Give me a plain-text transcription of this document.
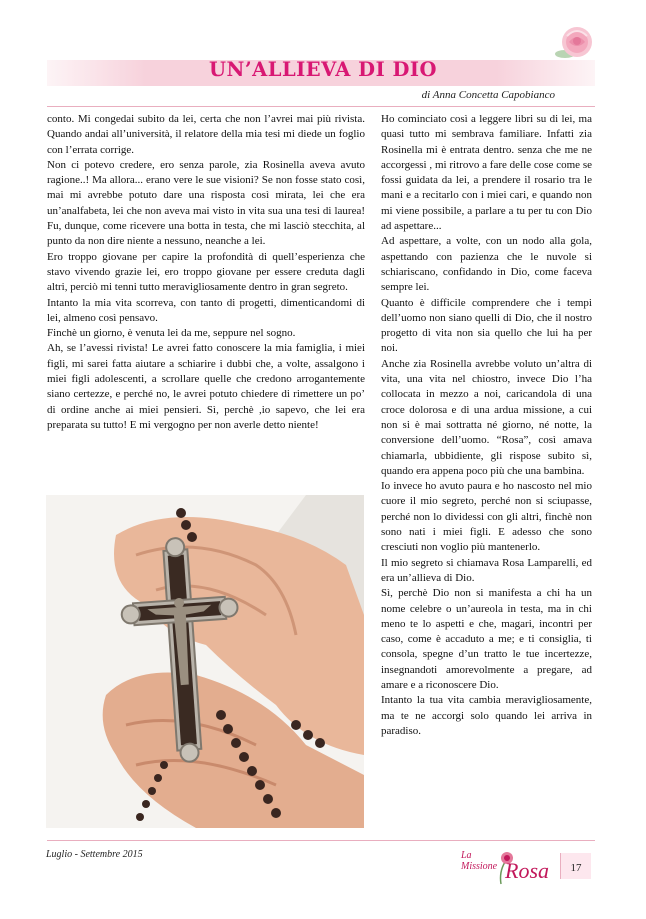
UN’ALLIEVA DI DIO
di Anna Concetta Capobianco

conto. Mi congedai subito da lei, certa che non l’avrei mai più rivista. Quando andai all’università, il relatore della mia tesi mi diede un foglio con l’errata corrige.

Non ci potevo credere, ero senza parole, zia Rosinella aveva avuto ragione..! Ma allora... erano vere le sue visioni? Se non fosse stato così, mai mi avrebbe potuto dare una risposta così mirata, lei che era un’analfabeta, lei che non aveva mai visto in vita sua una tesi di laurea! Fu, dunque, come ricevere una botta in testa, che mi lasciò stecchita, al punto da non dire niente a nessuno, neanche a lei.

Ero troppo giovane per capire la profondità di quell’esperienza che stavo vivendo grazie lei, ero troppo giovane per essere creduta dagli altri, perciò mi tenni tutto meravigliosamente dentro in gran segreto.

Intanto la mia vita scorreva, con tanto di progetti, dimenticandomi di lei, almeno così pensavo.

Finchè un giorno, è venuta lei da me, seppure nel sogno.

Ah, se l’avessi rivista! Le avrei fatto conoscere la mia famiglia, i miei figli, mi sarei fatta aiutare a schiarire i dubbi che, a volte, assalgono i miei figli adolescenti, a scrollare quelle che credono arrogantemente siano certezze, e perché no, le avrei potuto chiedere di rimettere un po’ di ordine anche ai miei pensieri. Sì, perchè ,io sapevo, che lei era preparata su tutto! E mi vergogno per non averle detto niente!

Ho cominciato così a leggere libri su di lei, ma quasi tutto mi sembrava familiare. Infatti zia Rosinella mi è entrata dentro. senza che me ne accorgessi , mi ritrovo a fare delle cose come se fossi guidata da lei, a prendere il rosario tra le mani e a recitarlo con i miei cari, e quando non mi viene possibile, a parlare a tu per tu con Dio ad aspettare...

Ad aspettare, a volte, con un nodo alla gola, aspettando con pazienza che le nuvole si schiariscano, confidando in Dio, come faceva sempre lei.

Quanto è difficile comprendere che i tempi dell’uomo non siano quelli di Dio, che il nostro progetto di vita non sia quello che lui ha per noi.

Anche zia Rosinella avrebbe voluto un’altra di vita, una vita nel chiostro, invece Dio l’ha collocata in mezzo a noi, caricandola di una croce dolorosa e di una ardua missione, a cui non si è mai sottratta né giorno, né notte, la conversione dell’uomo. “Rosa”, così amava chiamarla, ubbidiente, gli rispose subito sì, quando era appena poco più che una bambina.

Io invece ho avuto paura e ho nascosto nel mio cuore il mio segreto, perché non si sciupasse, perché non lo dividessi con gli altri, finchè non sono nati i miei figli. E adesso che sono cresciuti non voglio più mantenerlo.

Il mio segreto si chiamava Rosa Lamparelli, ed era un’allieva di Dio.

Sì, perchè Dio non si manifesta a chi ha un nome celebre o un’aureola in testa, ma in chi meno te lo aspetti e che, magari, incontri per caso, come è accaduto a me; e ti consiglia, ti consola, spegne d’un tratto le tue incertezze, insegnandoti amorevolmente a pregare, ad amare e a riconoscere Dio.

Intanto la tua vita cambia meravigliosamente, ma te ne accorgi solo quando lei arriva in paradiso.

Luglio - Settembre 2015	La Missione Rosa	17
